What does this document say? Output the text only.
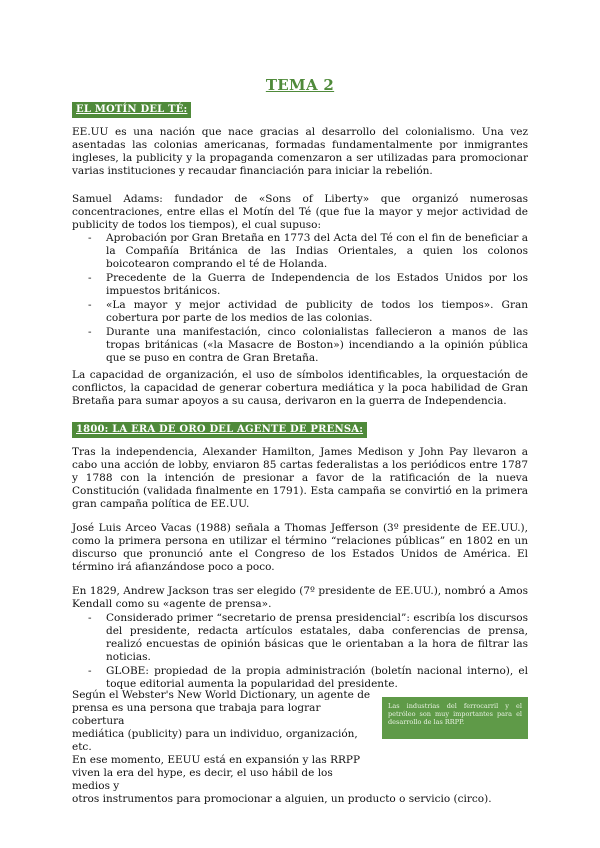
TEMA 2
EL MOTÍN DEL TÉ:

EE.UU es una nación que nace gracias al desarrollo del colonialismo. Una vez asentadas las colonias americanas, formadas fundamentalmente por inmigrantes ingleses, la publicity y la propaganda comenzaron a ser utilizadas para promocionar varias instituciones y recaudar financiación para iniciar la rebelión.

Samuel Adams: fundador de «Sons of Liberty» que organizó numerosas concentraciones, entre ellas el Motín del Té (que fue la mayor y mejor actividad de publicity de todos los tiempos), el cual supuso:

- Aprobación por Gran Bretaña en 1773 del Acta del Té con el fin de beneficiar a la Compañía Británica de las Indias Orientales, a quien los colonos boicotearon comprando el té de Holanda.
- Precedente de la Guerra de Independencia de los Estados Unidos por los impuestos británicos.
- «La mayor y mejor actividad de publicity de todos los tiempos». Gran cobertura por parte de los medios de las colonias.
- Durante una manifestación, cinco colonialistas fallecieron a manos de las tropas británicas («la Masacre de Boston») incendiando a la opinión pública que se puso en contra de Gran Bretaña.

La capacidad de organización, el uso de símbolos identificables, la orquestación de conflictos, la capacidad de generar cobertura mediática y la poca habilidad de Gran Bretaña para sumar apoyos a su causa, derivaron en la guerra de Independencia.

1800: LA ERA DE ORO DEL AGENTE DE PRENSA:

Tras la independencia, Alexander Hamilton, James Medison y John Pay llevaron a cabo una acción de lobby, enviaron 85 cartas federalistas a los periódicos entre 1787 y 1788 con la intención de presionar a favor de la ratificación de la nueva Constitución (validada finalmente en 1791). Esta campaña se convirtió en la primera gran campaña política de EE.UU.

José Luis Arceo Vacas (1988) señala a Thomas Jefferson (3º presidente de EE.UU.), como la primera persona en utilizar el término “relaciones públicas” en 1802 en un discurso que pronunció ante el Congreso de los Estados Unidos de América. El término irá afianzándose poco a poco.

En 1829, Andrew Jackson tras ser elegido (7º presidente de EE.UU.), nombró a Amos Kendall como su «agente de prensa».

- Considerado primer “secretario de prensa presidencial”: escribía los discursos del presidente, redacta artículos estatales, daba conferencias de prensa, realizó encuestas de opinión básicas que le orientaban a la hora de filtrar las noticias.
- GLOBE: propiedad de la propia administración (boletín nacional interno), el toque editorial aumenta la popularidad del presidente.
Según el Webster's New World Dictionary, un agente de
prensa es una persona que trabaja para lograr cobertura
mediática (publicity) para un individuo, organización, etc.
En ese momento, EEUU está en expansión y las RRPP
viven la era del hype, es decir, el uso hábil de los medios y
otros instrumentos para promocionar a alguien, un producto o servicio (circo).
Las industrias del ferrocarril y el petróleo son muy importantes para el desarrollo de las RRPP.
